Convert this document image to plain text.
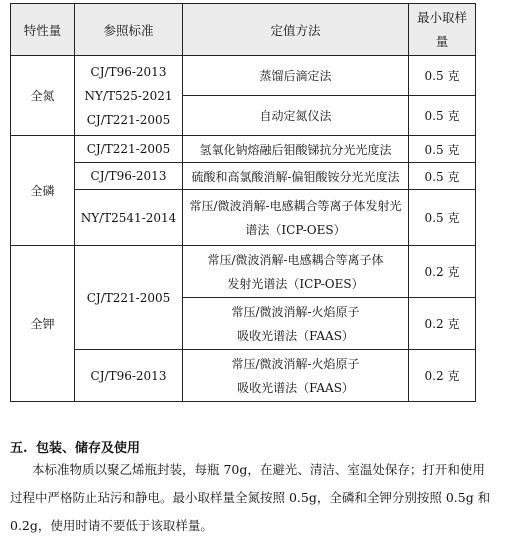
特性量	参照标准	定值方法	最小取样
量

全氮	CJ/T96-2013
NY/T525-2021
CJ/T221-2005	蒸馏后滴定法	0.5 克
		自动定氮仪法	0.5 克
全磷	CJ/T221-2005	氢氧化钠熔融后钼酸锑抗分光光度法	0.5 克
	CJ/T96-2013	硫酸和高氯酸消解-偏钼酸铵分光光度法	0.5 克
	NY/T2541-2014	常压/微波消解-电感耦合等离子体发射光
谱法（ICP-OES）	0.5 克
全钾	CJ/T221-2005	常压/微波消解-电感耦合等离子体
发射光谱法（ICP-OES）	0.2 克

		常压/微波消解-火焰原子
吸收光谱法（FAAS）	0.2 克
	CJ/T96-2013	常压/微波消解-火焰原子
吸收光谱法（FAAS）	0.2 克
五. 包装、储存及使用
本标准物质以聚乙烯瓶封装，每瓶 70g，在避光、清洁、室温处保存；打开和使用过程中严格防止玷污和静电。最小取样量全氮按照 0.5g，全磷和全钾分别按照 0.5g 和 0.2g，使用时请不要低于该取样量。
